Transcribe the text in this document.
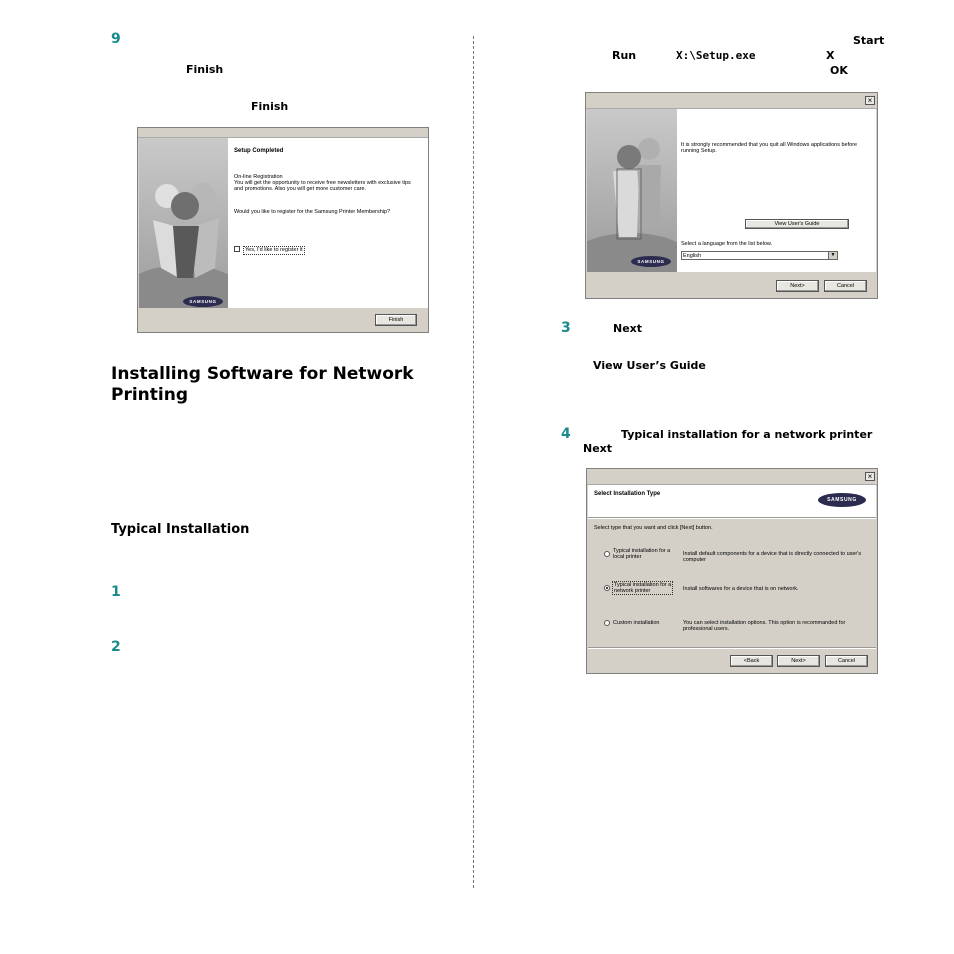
9
Finish
Finish
SAMSUNG
Setup Completed
On-line Registration
You will get the opportunity to receive free newsletters with exclusive tips
and promotions. Also you will get more customer care.
Would you like to register for the Samsung Printer Membership?
Yes, I'd like to register it
Finish
Installing Software for Network Printing
Typical Installation
1
2
Start
Run	X:\Setup.exe	X
OK
×
SAMSUNG
It is strongly recommended that you quit all Windows applications before
running Setup.
View User's Guide
Select a language from the list below.
English	▼
Next>	Cancel
3	Next
View User’s Guide
4	Typical installation for a network printer
Next
×
Select Installation Type
SAMSUNG
Select type that you want and click [Next] button.
Typical installation for a
local printer	Install default components for a device that is directly connected to user's
computer
Typical installation for a
network printer	Install softwares for a device that is on network.
Custom installation	You can select installation options. This option is recommanded for
professional users.
<Back	Next>	Cancel
